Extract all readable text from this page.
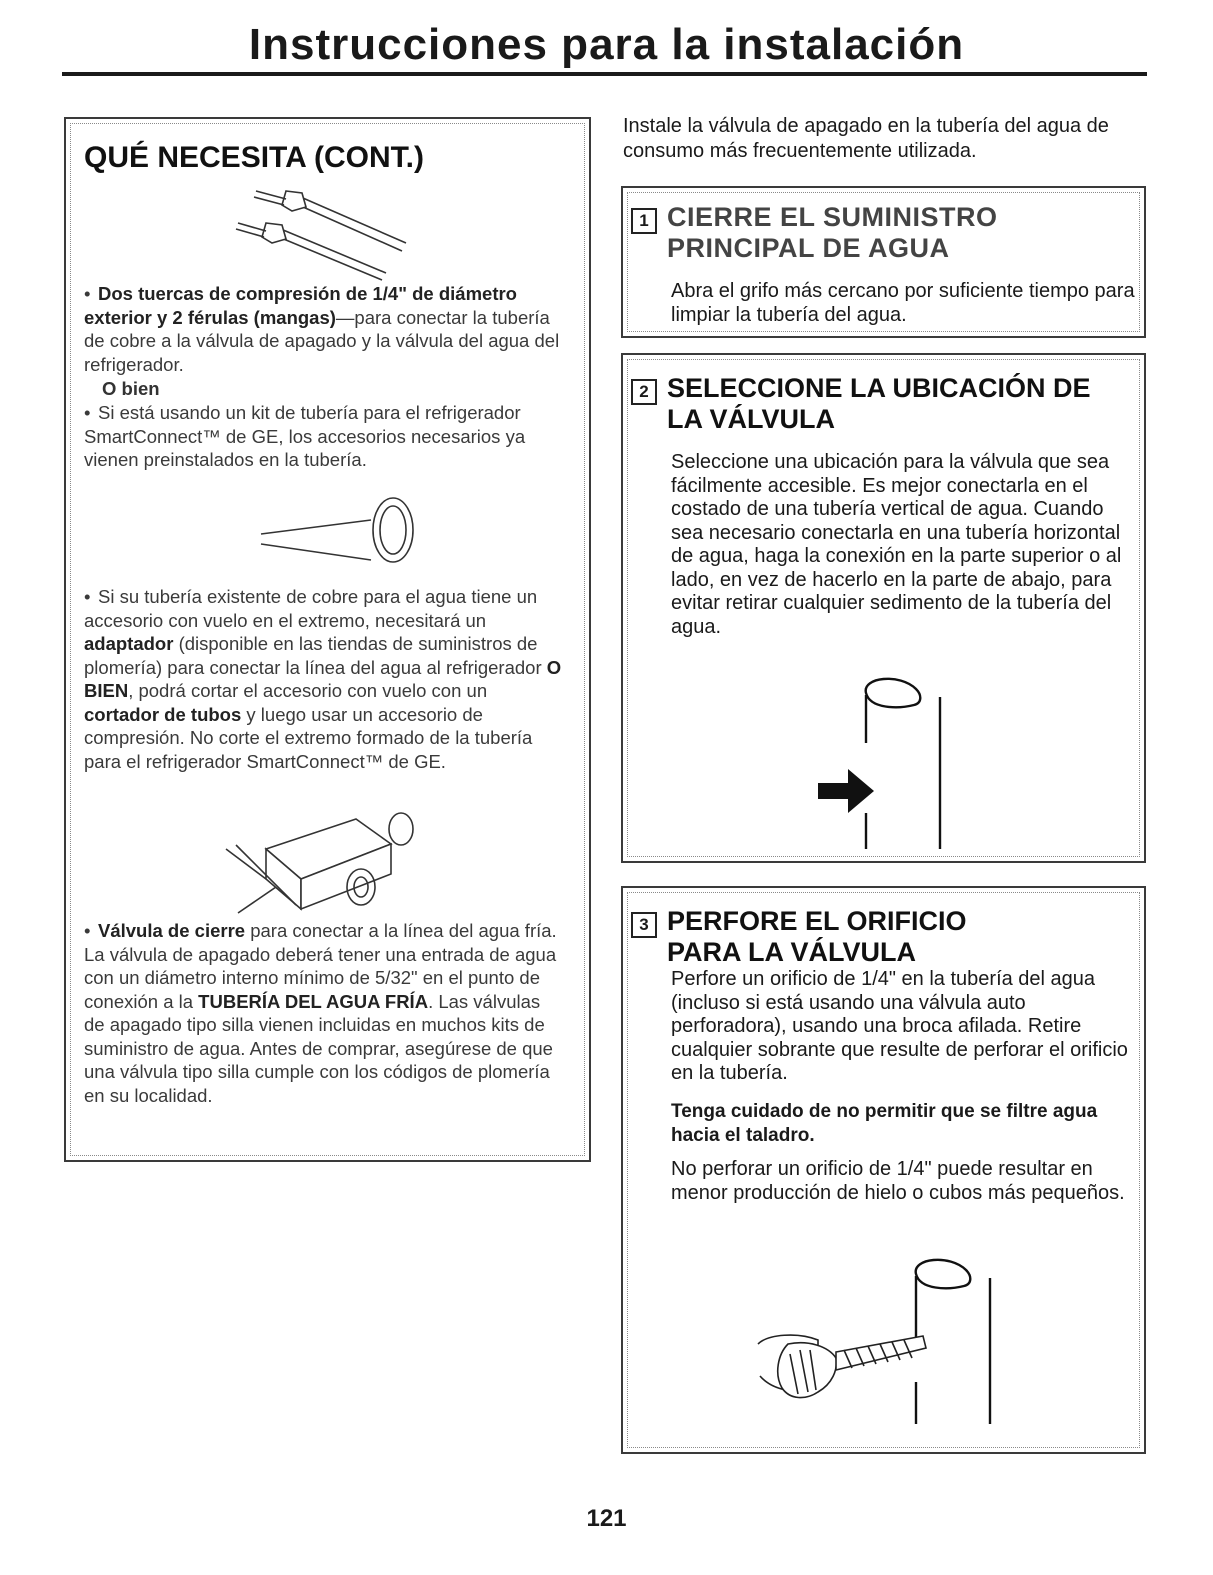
Instrucciones para la instalación
QUÉ NECESITA (CONT.)
• Dos tuercas de compresión de 1/4" de diámetro exterior y 2 férulas (mangas)—para conectar la tubería de cobre a la válvula de apagado y la válvula del agua del refrigerador.
O bien
• Si está usando un kit de tubería para el refrigerador SmartConnect™ de GE, los accesorios necesarios ya vienen preinstalados en la tubería.
• Si su tubería existente de cobre para el agua tiene un accesorio con vuelo en el extremo, necesitará un adaptador (disponible en las tiendas de suministros de plomería) para conectar la línea del agua al refrigerador O BIEN, podrá cortar el accesorio con vuelo con un cortador de tubos y luego usar un accesorio de compresión. No corte el extremo formado de la tubería para el refrigerador SmartConnect™ de GE.
• Válvula de cierre para conectar a la línea del agua fría. La válvula de apagado deberá tener una entrada de agua con un diámetro interno mínimo de 5/32" en el punto de conexión a la TUBERÍA DEL AGUA FRÍA. Las válvulas de apagado tipo silla vienen incluidas en muchos kits de suministro de agua. Antes de comprar, asegúrese de que una válvula tipo silla cumple con los códigos de plomería en su localidad.
Instale la válvula de apagado en la tubería del agua de consumo más frecuentemente utilizada.
1 CIERRE EL SUMINISTRO
PRINCIPAL DE AGUA
Abra el grifo más cercano por suficiente tiempo para limpiar la tubería del agua.
2 SELECCIONE LA UBICACIÓN DE
LA VÁLVULA
Seleccione una ubicación para la válvula que sea fácilmente accesible. Es mejor conectarla en el costado de una tubería vertical de agua. Cuando sea necesario conectarla en una tubería horizontal de agua, haga la conexión en la parte superior o al lado, en vez de hacerlo en la parte de abajo, para evitar retirar cualquier sedimento de la tubería del agua.
3 PERFORE EL ORIFICIO
PARA LA VÁLVULA
Perfore un orificio de 1/4" en la tubería del agua (incluso si está usando una válvula auto perforadora), usando una broca afilada. Retire cualquier sobrante que resulte de perforar el orificio en la tubería.
Tenga cuidado de no permitir que se filtre agua hacia el taladro.
No perforar un orificio de 1/4" puede resultar en menor producción de hielo o cubos más pequeños.
121
